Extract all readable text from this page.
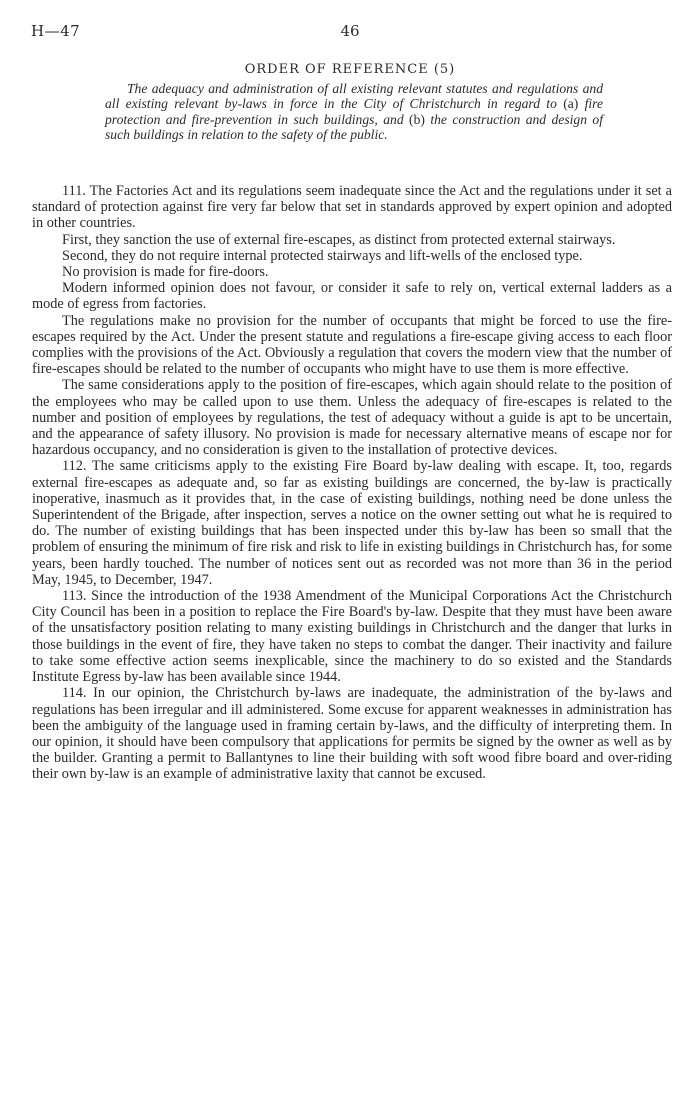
H—47	46
ORDER OF REFERENCE (5)
The adequacy and administration of all existing relevant statutes and regulations and all existing relevant by-laws in force in the City of Christchurch in regard to (a) fire protection and fire-prevention in such buildings, and (b) the construction and design of such buildings in relation to the safety of the public.

111. The Factories Act and its regulations seem inadequate since the Act and the regulations under it set a standard of protection against fire very far below that set in standards approved by expert opinion and adopted in other countries.

First, they sanction the use of external fire-escapes, as distinct from protected external stairways.

Second, they do not require internal protected stairways and lift-wells of the enclosed type.

No provision is made for fire-doors.

Modern informed opinion does not favour, or consider it safe to rely on, vertical external ladders as a mode of egress from factories.

The regulations make no provision for the number of occupants that might be forced to use the fire-escapes required by the Act. Under the present statute and regulations a fire-escape giving access to each floor complies with the provisions of the Act. Obviously a regulation that covers the modern view that the number of fire-escapes should be related to the number of occupants who might have to use them is more effective.

The same considerations apply to the position of fire-escapes, which again should relate to the position of the employees who may be called upon to use them. Unless the adequacy of fire-escapes is related to the number and position of employees by regulations, the test of adequacy without a guide is apt to be uncertain, and the appearance of safety illusory. No provision is made for necessary alternative means of escape nor for hazardous occupancy, and no consideration is given to the installation of protective devices.

112. The same criticisms apply to the existing Fire Board by-law dealing with escape. It, too, regards external fire-escapes as adequate and, so far as existing buildings are concerned, the by-law is practically inoperative, inasmuch as it provides that, in the case of existing buildings, nothing need be done unless the Superintendent of the Brigade, after inspection, serves a notice on the owner setting out what he is required to do. The number of existing buildings that has been inspected under this by-law has been so small that the problem of ensuring the minimum of fire risk and risk to life in existing buildings in Christchurch has, for some years, been hardly touched. The number of notices sent out as recorded was not more than 36 in the period May, 1945, to December, 1947.

113. Since the introduction of the 1938 Amendment of the Municipal Corporations Act the Christchurch City Council has been in a position to replace the Fire Board's by-law. Despite that they must have been aware of the unsatisfactory position relating to many existing buildings in Christchurch and the danger that lurks in those buildings in the event of fire, they have taken no steps to combat the danger. Their inactivity and failure to take some effective action seems inexplicable, since the machinery to do so existed and the Standards Institute Egress by-law has been available since 1944.

114. In our opinion, the Christchurch by-laws are inadequate, the administration of the by-laws and regulations has been irregular and ill administered. Some excuse for apparent weaknesses in administration has been the ambiguity of the language used in framing certain by-laws, and the difficulty of interpreting them. In our opinion, it should have been compulsory that applications for permits be signed by the owner as well as by the builder. Granting a permit to Ballantynes to line their building with soft wood fibre board and over-riding their own by-law is an example of administrative laxity that cannot be excused.
